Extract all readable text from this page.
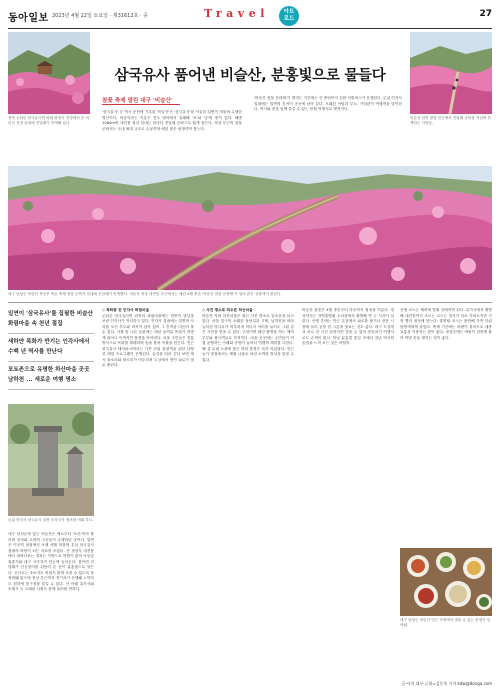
동아일보 2023년 4월 22일 토요일 · 제31612호 · 종	Travel	아트
로드	27
경북 군위군 삼국유사면 화림 화장사 전경에서 본 비슬산 전경 일대에 진달래가 만개해 있다.
비슬산 일연 광장 인근에서 진달래 군락을 거닐며 산책하는 사람들.
삼국유사 품어낸 비슬산, 분홍빛으로 물들다
참꽃 축제 열린 대구 '비슬산'
'삼국유사' 등 역사 문헌에 기록된 '비슬산'은 '삼국유사'를 저술한 일연이 머물며 수행한 명산이다. 비슬이라는 이름은 인도 범어에서 유래해 '포'와 '슬'의 뜻이 있다. 해발 1084m의 대견봉 정상 일대는 봄마다 진달래 군락으로 붉게 물든다. 정상 부근의 참꽃 군락지는 국내 최대 규모로 손꼽히며 매년 많은 탐방객이 찾는다.
'비슬산 참꽃 문화제'가 열리는 기간에는 산 중턱까지 순환 셔틀버스가 운행된다. 군위 인각사 일대에는 일연의 흔적이 곳곳에 남아 있다. 오래된 석탑과 부도, 기념관이 여행객을 맞이한다. 역사와 꽃을 함께 즐길 수 있는 봄철 여행지로 제격이다.
대구 달성군 비슬산 정상부 비슬 축제 참꽃 군락지 일대에 진달래가 만개했다. 비슬산 정상 대견봉 부근에서는 매년 4월 중순 '비슬산 참꽃 문화제'가 열려 많은 상춘객이 몰린다.

일연이 '삼국유사'를 집필한 비슬산 화림마을 속 천년 절집

새하얀 목화가 반기는 인각사에서 수백 년 역사를 만난다

포토존으로 유명한 하산마을 곳곳 남하천 ... 새로운 여행 명소

군위 인각사 삼국유사 일연 보각국사 정조탑 비와 부도.
대구 달성군에 있는 비슬산은 예로부터 '포산'이라 불리며 신라와 고려의 고승들이 수행하던 곳이다. 일연은 이곳의 절집에서 오랜 세월 머물며 훗날 삼국유사 집필의 바탕이 되는 자료를 모았다. 산 정상부 대견봉에서 내려다보는 경치는 사방으로 막힘이 없어 낙동강 물줄기와 대구 시가지가 한눈에 들어온다. 봄이면 진달래가 산등성이를 뒤덮어 온 산이 분홍빛으로 물든다. 등산로는 초보자도 어렵지 않게 오를 수 있도록 잘 정비돼 있으며 정상 부근까지 전기차가 운행돼 노약자도 편하게 꽃구경을 즐길 수 있다. 산 아래 유가사와 소재사 등 오래된 사찰도 함께 둘러볼 만하다.
◇ 목화꽃 핀 인각사 화림마을
군위군 삼국유사면 화북리 화림마을에는 일연이 말년을 보낸 인각사가 자리하고 있다. 인각사 경내에는 일연의 사리를 모신 부도와 비석이 남아 있어 그 흔적을 더듬어 볼 수 있다. 사찰 앞 너른 들판에는 매년 늦여름 목화가 하얗게 피어나 이색적인 풍경을 자아낸다. 마을 주민들은 전통 방식으로 목화를 재배하며 솜을 틀어 이불을 만든다. 인근 삼국유사 테마파크에서는 가족 단위 관광객을 위한 다양한 체험 프로그램이 운영된다. 숲길을 따라 걷다 보면 계곡 물소리와 새소리가 어우러져 도심에서 쌓인 피로가 절로 풀린다.
◇ 사진 명소로 떠오른 하산마을
비슬산 자락 하산마을은 최근 사진 명소로 입소문을 타고 있다. 마을 입구의 오래된 돌담길과 고택, 남하천을 따라 늘어선 벚나무가 어우러져 어디서 셔터를 눌러도 그림 같은 사진을 얻을 수 있다. 주말이면 웨딩 촬영을 하는 예비부부와 출사객들로 북적인다. 마을 곳곳에는 주민들이 직접 운영하는 카페와 공방이 들어서 여행의 재미를 더한다. 해 질 무렵 노을에 물든 하천 풍경은 특히 아름답다. 인근 농가 맛집에서는 제철 나물로 차린 소박한 밥상을 맛볼 수 있다.
비슬산 참꽃은 4월 중순부터 하순까지 절정을 이룬다. 정상까지는 자연휴양림 주차장에서 출발해 약 두 시간이 걸린다. 산행 후에는 인근 온천에서 피로를 풀거나 현풍 시장에 들러 곰탕 한 그릇을 맛보는 것도 좋다. 대구 도심에서 차로 한 시간 남짓이면 닿을 수 있어 당일치기 여행지로도 손색이 없다. 봄날 분홍빛 꽃길 속에서 천년 역사의 숨결을 느껴 보는 것은 어떨까.
산행 코스는 체력에 맞춰 선택하면 된다. 유가사에서 출발해 대견봉까지 오르는 코스는 경사가 다소 가파르지만 가장 빨리 정상에 닿는다. 휴양림 코스는 완만해 가족 단위 탐방객에게 알맞다. 축제 기간에는 차량이 몰리므로 대중교통을 이용하는 편이 좋다. 정상부에는 바람이 강하게 불어 여벌 옷을 챙기는 것이 좋다.
대구 달성군 비슬산 인근 식당에서 맛볼 수 있는 한정식 상차림.
글·사진 대구·군위=김동욱 기자 kdw@donga.com
